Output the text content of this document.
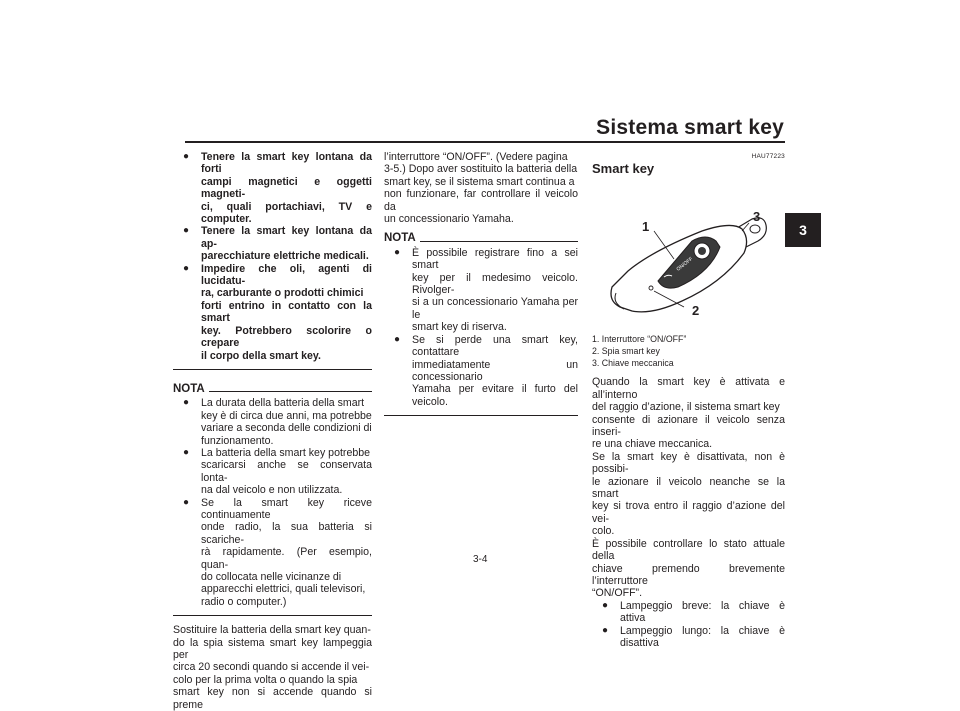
Sistema smart key
3
● Tenere la smart key lontana da forti
campi magnetici e oggetti magneti-
ci, quali portachiavi, TV e computer.
● Tenere la smart key lontana da ap-
parecchiature elettriche medicali.
● Impedire che oli, agenti di lucidatu-
ra, carburante o prodotti chimici
forti entrino in contatto con la smart
key. Potrebbero scolorire o crepare
il corpo della smart key.
NOTA
● La durata della batteria della smart
key è di circa due anni, ma potrebbe
variare a seconda delle condizioni di
funzionamento.
● La batteria della smart key potrebbe
scaricarsi anche se conservata lonta-
na dal veicolo e non utilizzata.
● Se la smart key riceve continuamente
onde radio, la sua batteria si scariche-
rà rapidamente. (Per esempio, quan-
do collocata nelle vicinanze di
apparecchi elettrici, quali televisori,
radio o computer.)
Sostituire la batteria della smart key quan-
do la spia sistema smart key lampeggia per
circa 20 secondi quando si accende il vei-
colo per la prima volta o quando la spia
smart key non si accende quando si preme
l’interruttore “ON/OFF”. (Vedere pagina
3-5.) Dopo aver sostituito la batteria della
smart key, se il sistema smart continua a
non funzionare, far controllare il veicolo da
un concessionario Yamaha.
NOTA
● È possibile registrare fino a sei smart
key per il medesimo veicolo. Rivolger-
si a un concessionario Yamaha per le
smart key di riserva.
● Se si perde una smart key, contattare
immediatamente un concessionario
Yamaha per evitare il furto del veicolo.
HAU77223
Smart key
ON/OFF
1
2
3
1. Interruttore “ON/OFF”
2. Spia smart key
3. Chiave meccanica
Quando la smart key è attivata e all’interno
del raggio d’azione, il sistema smart key
consente di azionare il veicolo senza inseri-
re una chiave meccanica.
Se la smart key è disattivata, non è possibi-
le azionare il veicolo neanche se la smart
key si trova entro il raggio d’azione del vei-
colo.
È possibile controllare lo stato attuale della
chiave premendo brevemente l’interruttore
“ON/OFF”.
● Lampeggio breve: la chiave è attiva
● Lampeggio lungo: la chiave è disattiva
3-4
